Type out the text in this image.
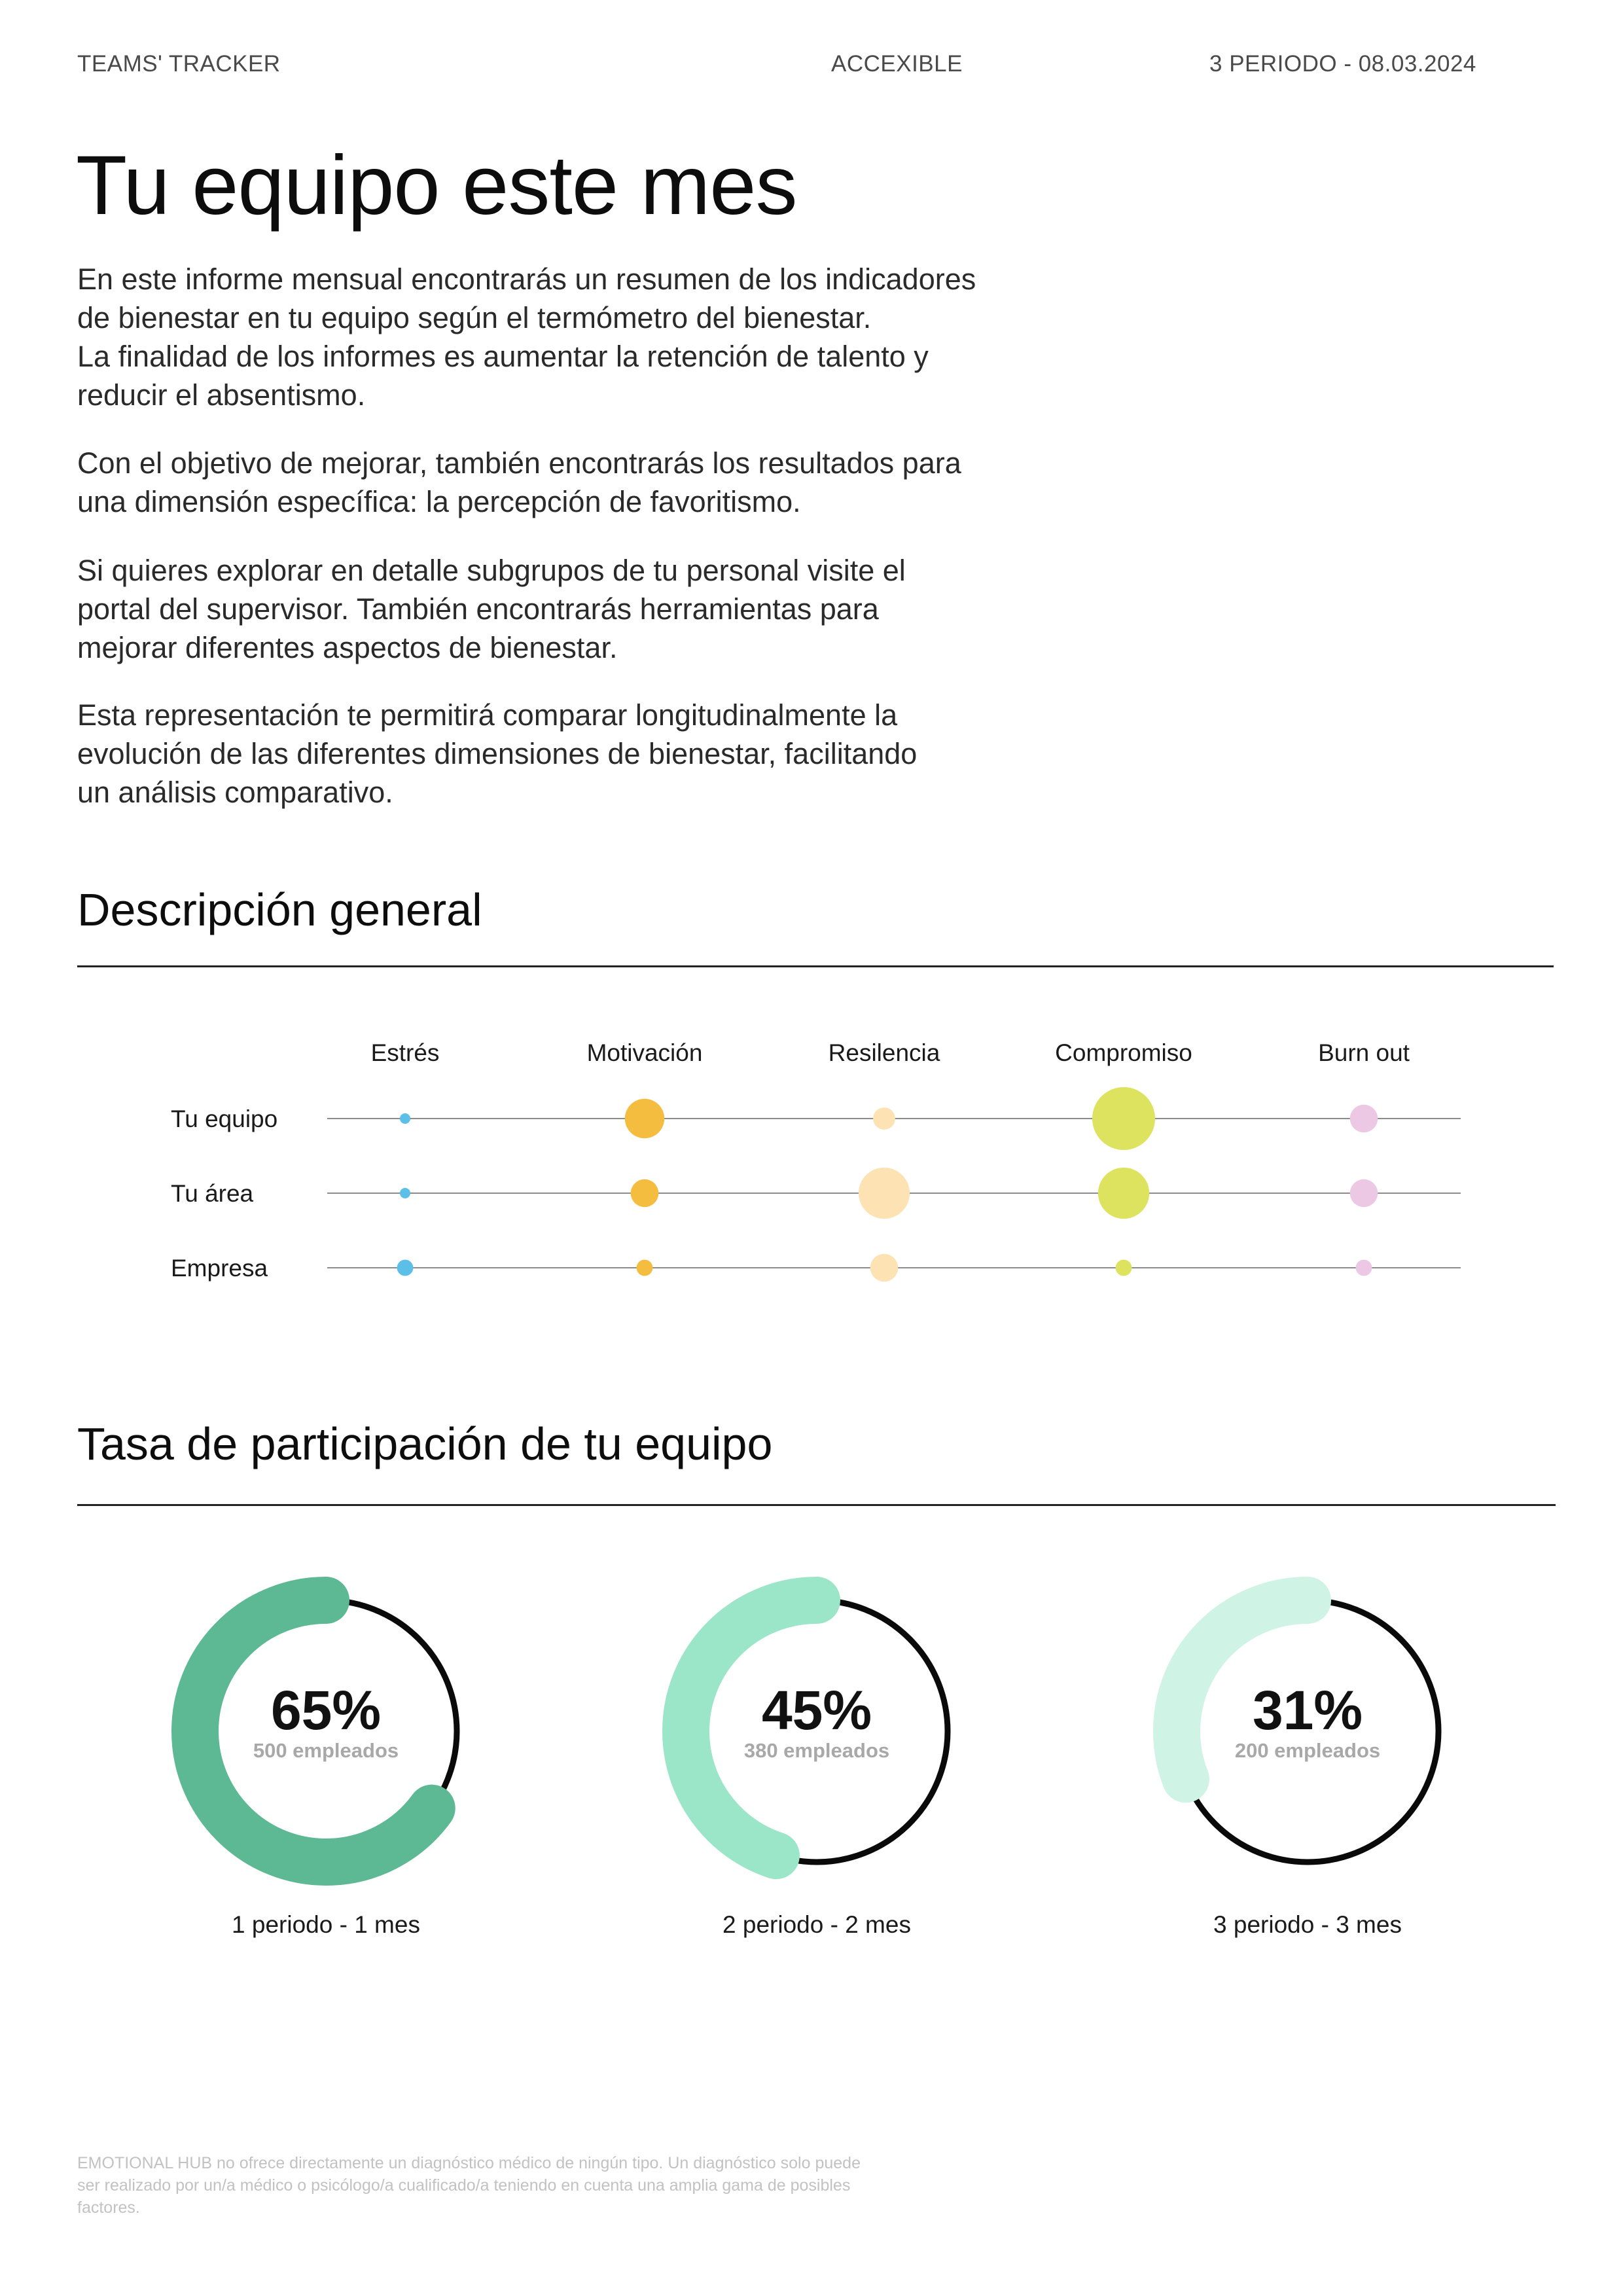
TEAMS' TRACKER	ACCEXIBLE	3 PERIODO - 08.03.2024
Tu equipo este mes

En este informe mensual encontrarás un resumen de los indicadores
de bienestar en tu equipo según el termómetro del bienestar.
La finalidad de los informes es aumentar la retención de talento y
reducir el absentismo.

Con el objetivo de mejorar, también encontrarás los resultados para
una dimensión específica: la percepción de favoritismo.

Si quieres explorar en detalle subgrupos de tu personal visite el
portal del supervisor. También encontrarás herramientas para
mejorar diferentes aspectos de bienestar.

Esta representación te permitirá comparar longitudinalmente la
evolución de las diferentes dimensiones de bienestar, facilitando
un análisis comparativo.

Descripción general
Estrés	Motivación	Resilencia	Compromiso	Burn out
Tu equipo
Tu área
Empresa
Tasa de participación de tu equipo
65%
500 empleados
1 periodo - 1 mes
45%
380 empleados
2 periodo - 2 mes
31%
200 empleados
3 periodo - 3 mes

EMOTIONAL HUB no ofrece directamente un diagnóstico médico de ningún tipo. Un diagnóstico solo puede ser realizado por un/a médico o psicólogo/a cualificado/a teniendo en cuenta una amplia gama de posibles factores.
